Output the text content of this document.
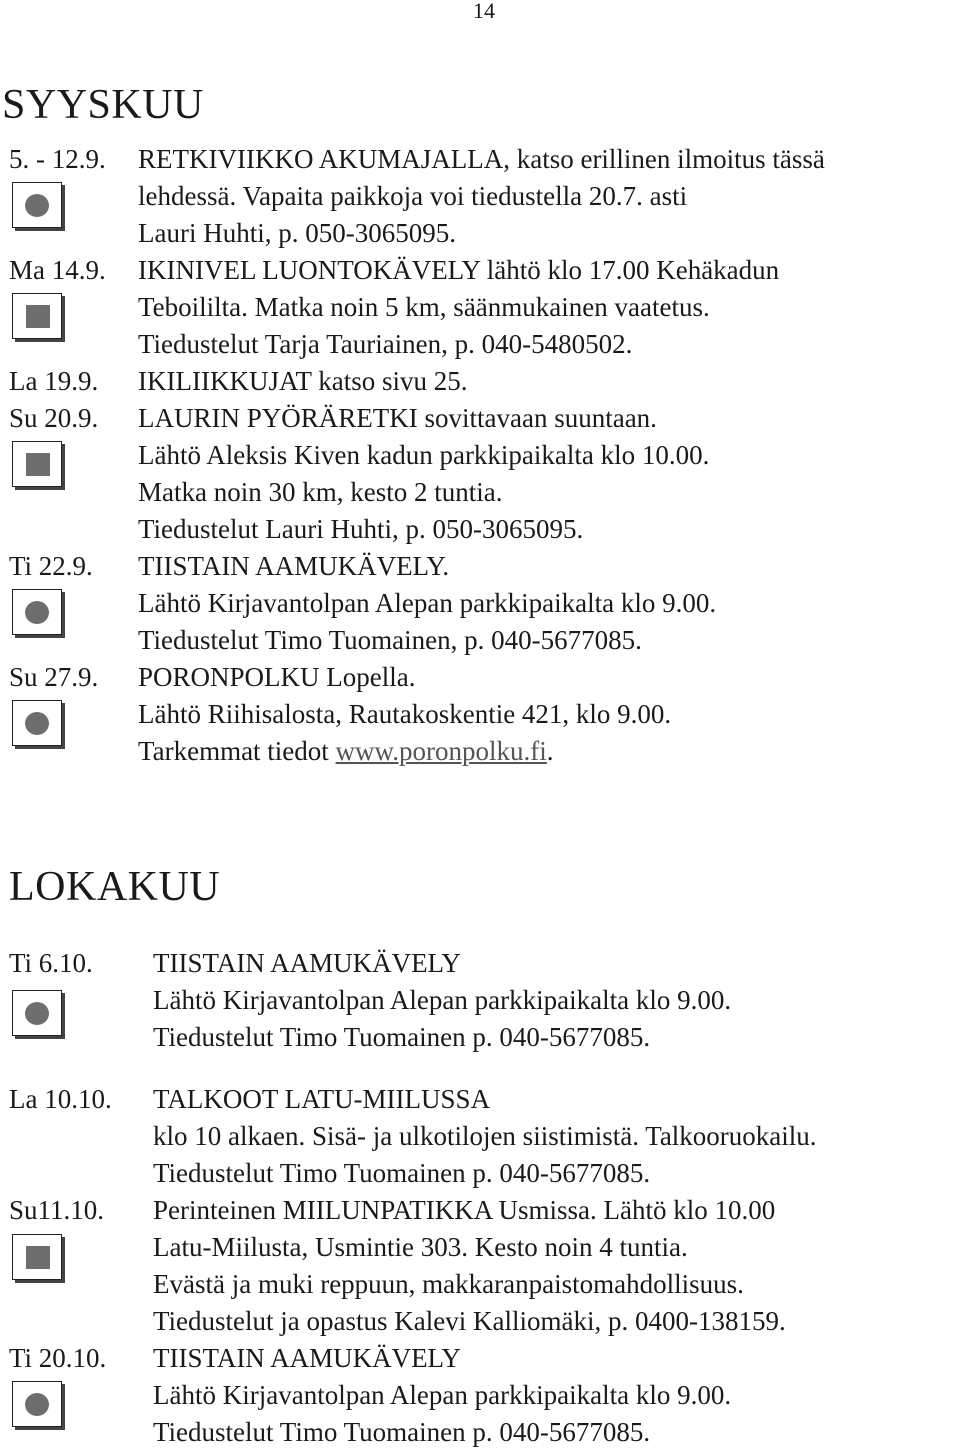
14
SYYSKUU
5. - 12.9. RETKIVIIKKO AKUMAJALLA, katso erillinen ilmoitus tässä
lehdessä. Vapaita paikkoja voi tiedustella 20.7. asti
Lauri Huhti, p. 050-3065095.
Ma 14.9. IKINIVEL LUONTOKÄVELY lähtö klo 17.00 Kehäkadun
Teboililta. Matka noin 5 km, säänmukainen vaatetus.
Tiedustelut Tarja Tauriainen, p. 040-5480502.
La 19.9. IKILIIKKUJAT katso sivu 25.
Su 20.9. LAURIN PYÖRÄRETKI sovittavaan suuntaan.
Lähtö Aleksis Kiven kadun parkkipaikalta klo 10.00.
Matka noin 30 km, kesto 2 tuntia.
Tiedustelut Lauri Huhti, p. 050-3065095.
Ti 22.9. TIISTAIN AAMUKÄVELY.
Lähtö Kirjavantolpan Alepan parkkipaikalta klo 9.00.
Tiedustelut Timo Tuomainen, p. 040-5677085.
Su 27.9. PORONPOLKU Lopella.
Lähtö Riihisalosta, Rautakoskentie 421, klo 9.00.
Tarkemmat tiedot www.poronpolku.fi.
LOKAKUU
Ti 6.10. TIISTAIN AAMUKÄVELY
Lähtö Kirjavantolpan Alepan parkkipaikalta klo 9.00.
Tiedustelut Timo Tuomainen p. 040-5677085.
La 10.10. TALKOOT LATU-MIILUSSA
klo 10 alkaen. Sisä- ja ulkotilojen siistimistä. Talkooruokailu.
Tiedustelut Timo Tuomainen p. 040-5677085.
Su11.10. Perinteinen MIILUNPATIKKA Usmissa. Lähtö klo 10.00
Latu-Miilusta, Usmintie 303. Kesto noin 4 tuntia.
Evästä ja muki reppuun, makkaranpaistomahdollisuus.
Tiedustelut ja opastus Kalevi Kalliomäki, p. 0400-138159.
Ti 20.10. TIISTAIN AAMUKÄVELY
Lähtö Kirjavantolpan Alepan parkkipaikalta klo 9.00.
Tiedustelut Timo Tuomainen p. 040-5677085.
